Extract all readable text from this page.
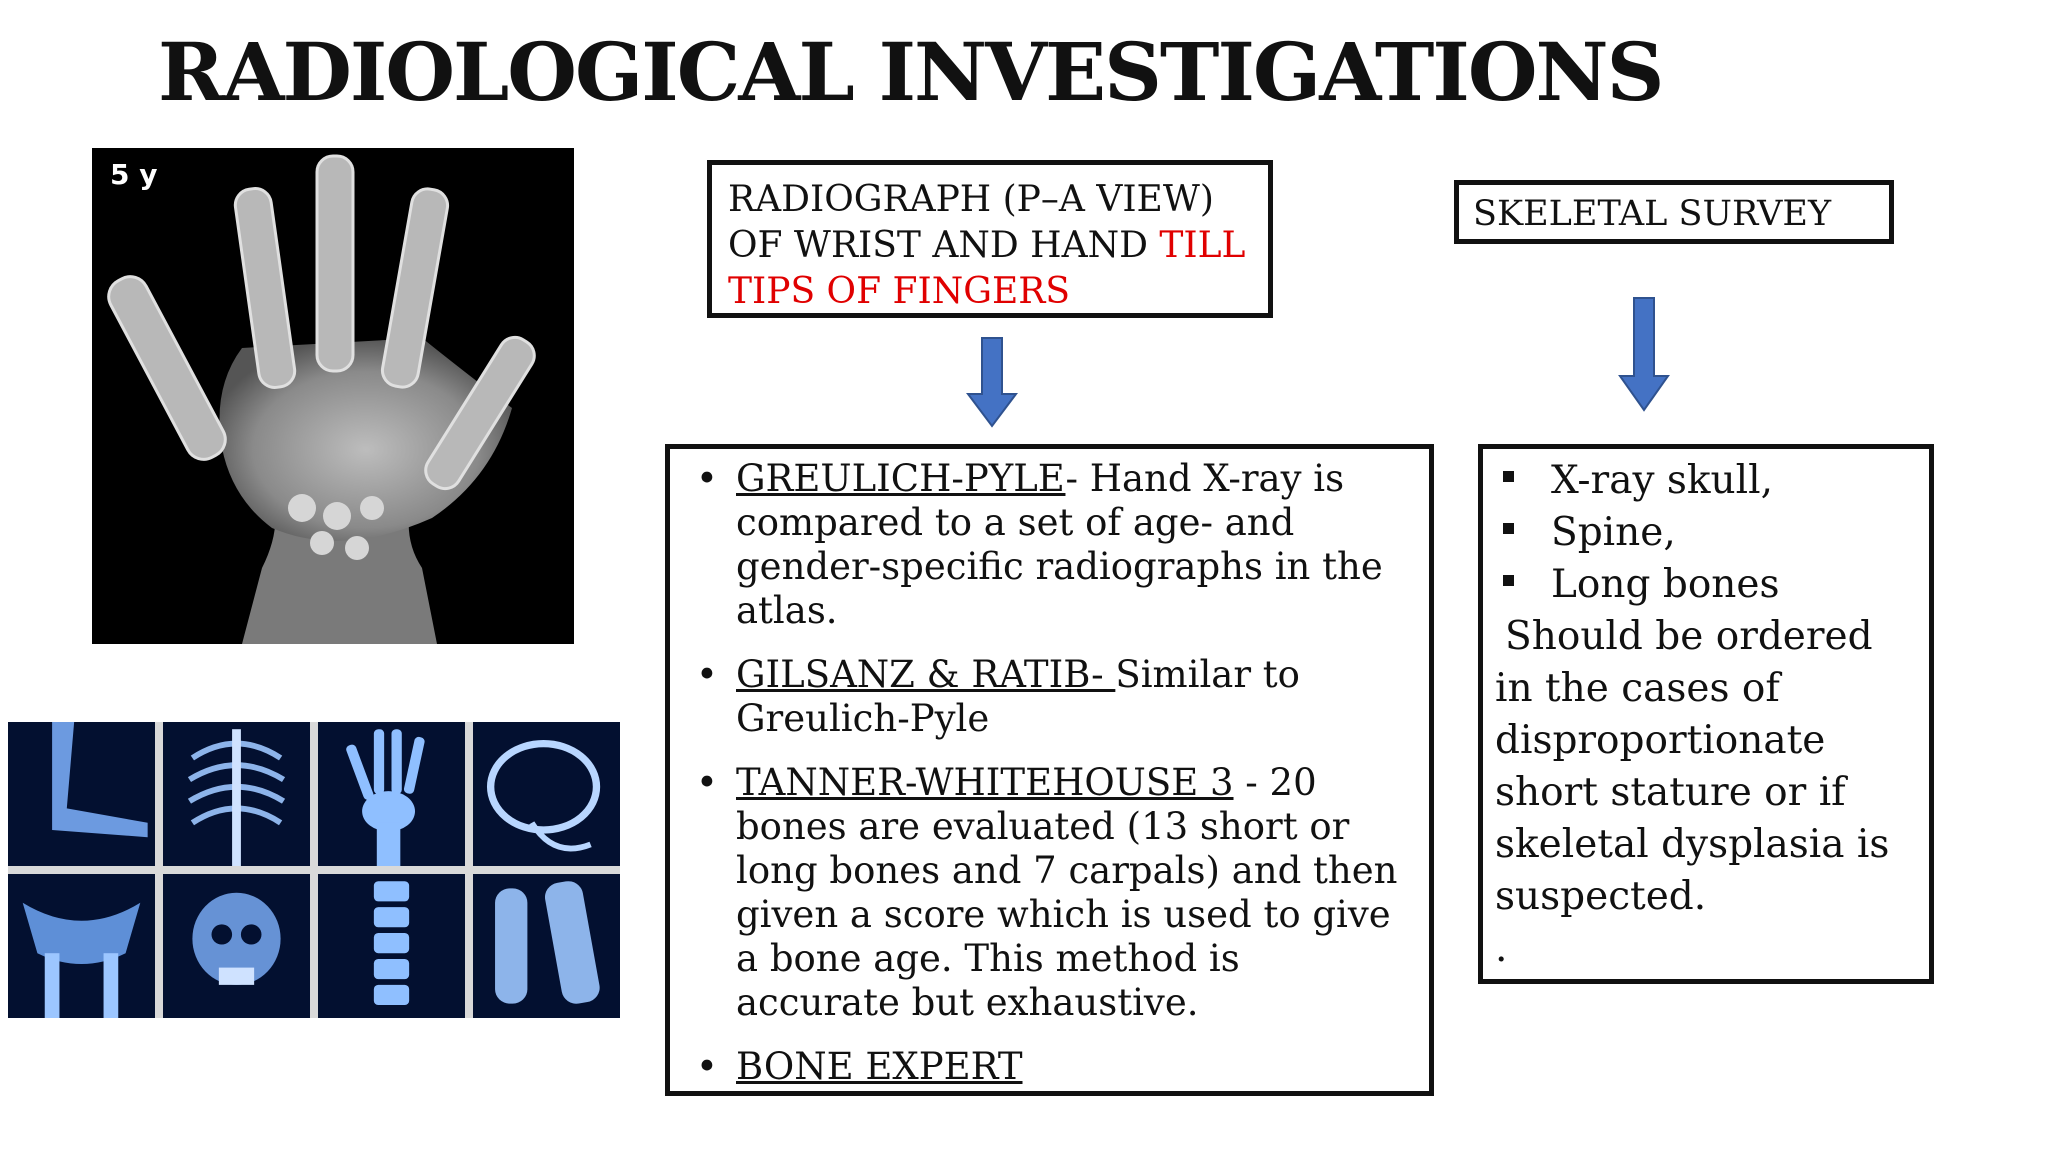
RADIOLOGICAL INVESTIGATIONS
5 y
RADIOGRAPH (P–A VIEW) OF WRIST AND HAND TILL TIPS OF FINGERS
SKELETAL SURVEY
• GREULICH-PYLE- Hand X-ray is compared to a set of age- and gender-specific radiographs in the atlas.
• GILSANZ & RATIB- Similar to Greulich-Pyle
• TANNER-WHITEHOUSE 3 - 20 bones are evaluated (13 short or long bones and 7 carpals) and then given a score which is used to give a bone age. This method is accurate but exhaustive.
• BONE EXPERT
X-ray skull,
Spine,
Long bones

Should be ordered in the cases of disproportionate short stature or if skeletal dysplasia is suspected.

.
